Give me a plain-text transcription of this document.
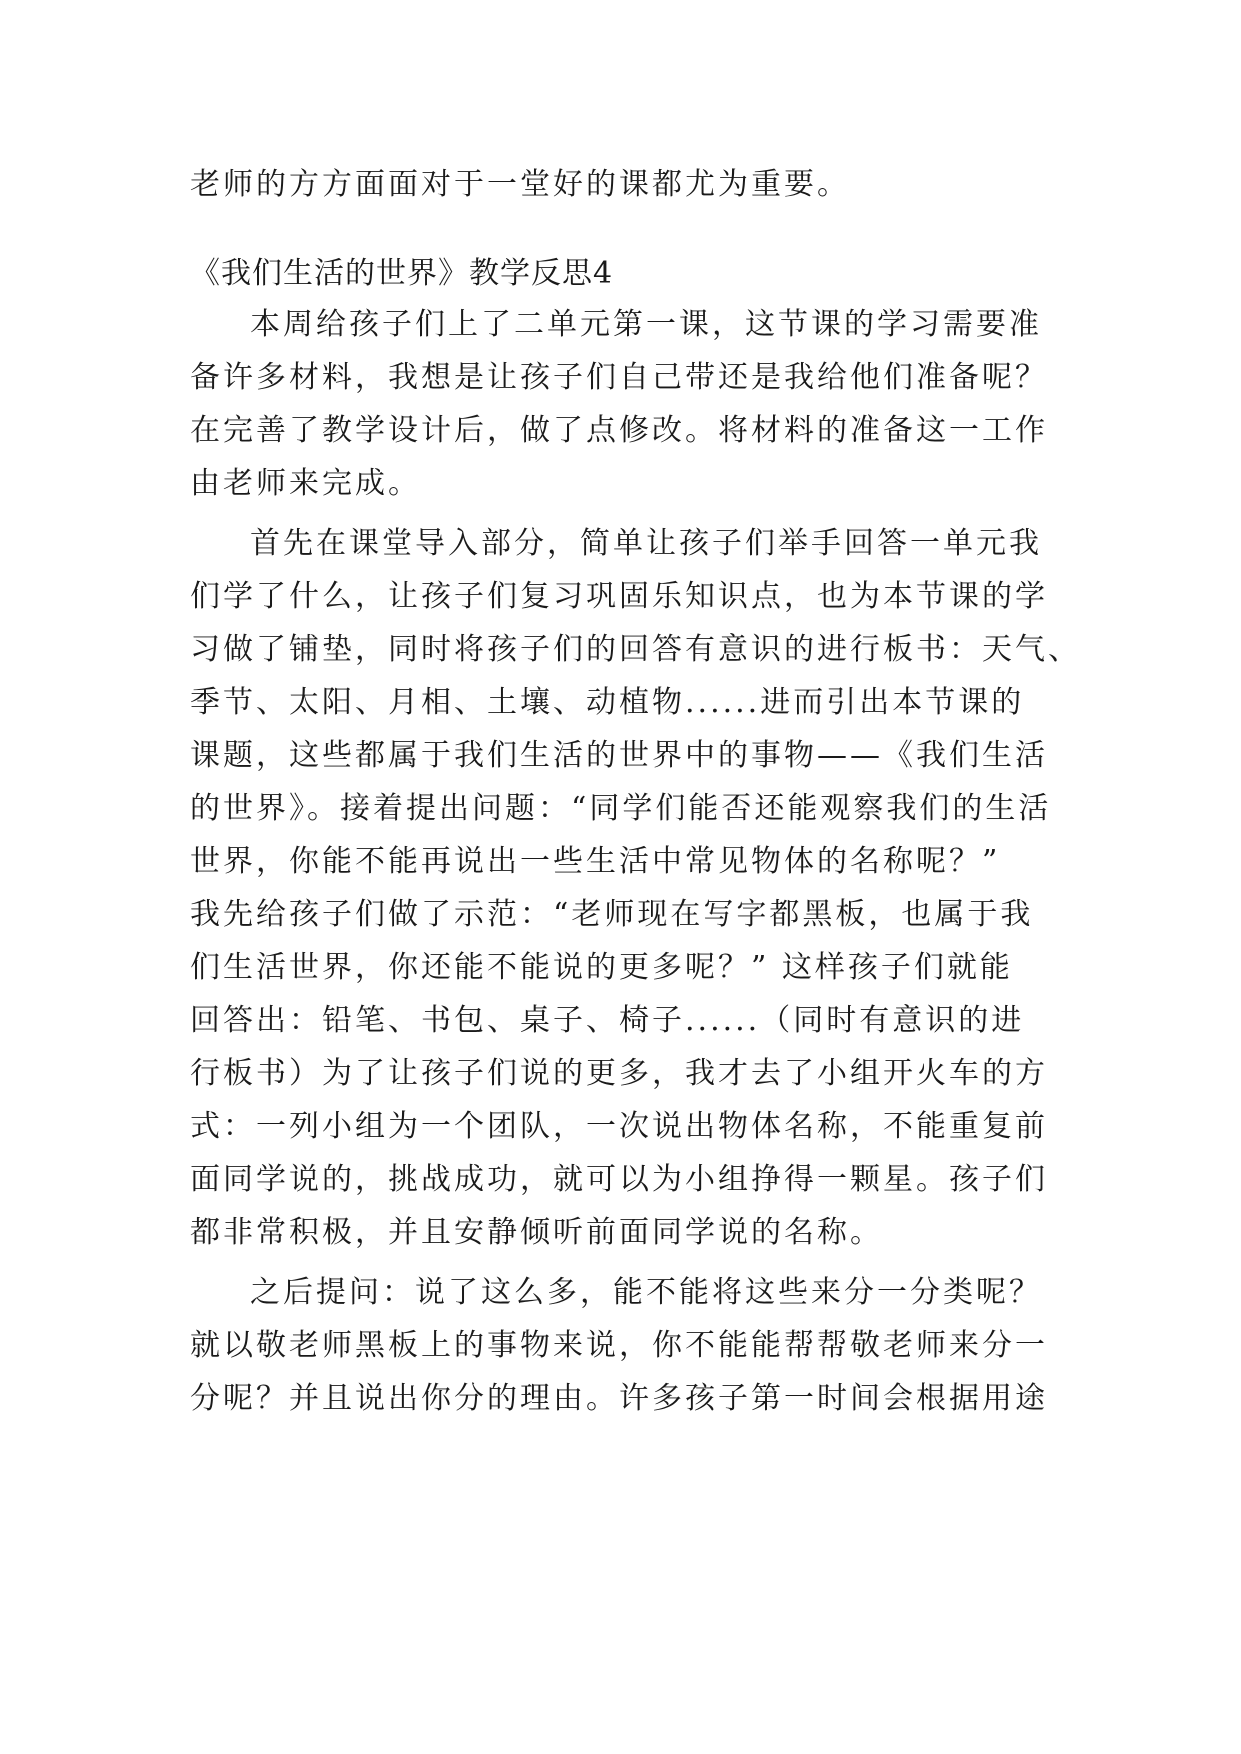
老师的方方面面对于一堂好的课都尤为重要。
《我们生活的世界》教学反思4
本周给孩子们上了二单元第一课，这节课的学习需要准
备许多材料，我想是让孩子们自己带还是我给他们准备呢？
在完善了教学设计后，做了点修改。将材料的准备这一工作
由老师来完成。
首先在课堂导入部分，简单让孩子们举手回答一单元我
们学了什么，让孩子们复习巩固乐知识点，也为本节课的学
习做了铺垫，同时将孩子们的回答有意识的进行板书：天气、
季节、太阳、月相、土壤、动植物......进而引出本节课的
课题，这些都属于我们生活的世界中的事物——《我们生活
的世界》。接着提出问题：“同学们能否还能观察我们的生活
世界，你能不能再说出一些生活中常见物体的名称呢？”
我先给孩子们做了示范：“老师现在写字都黑板，也属于我
们生活世界，你还能不能说的更多呢？” 这样孩子们就能
回答出：铅笔、书包、桌子、椅子......（同时有意识的进
行板书）为了让孩子们说的更多，我才去了小组开火车的方
式：一列小组为一个团队，一次说出物体名称，不能重复前
面同学说的，挑战成功，就可以为小组挣得一颗星。孩子们
都非常积极，并且安静倾听前面同学说的名称。
之后提问：说了这么多，能不能将这些来分一分类呢？
就以敬老师黑板上的事物来说，你不能能帮帮敬老师来分一
分呢？并且说出你分的理由。许多孩子第一时间会根据用途
